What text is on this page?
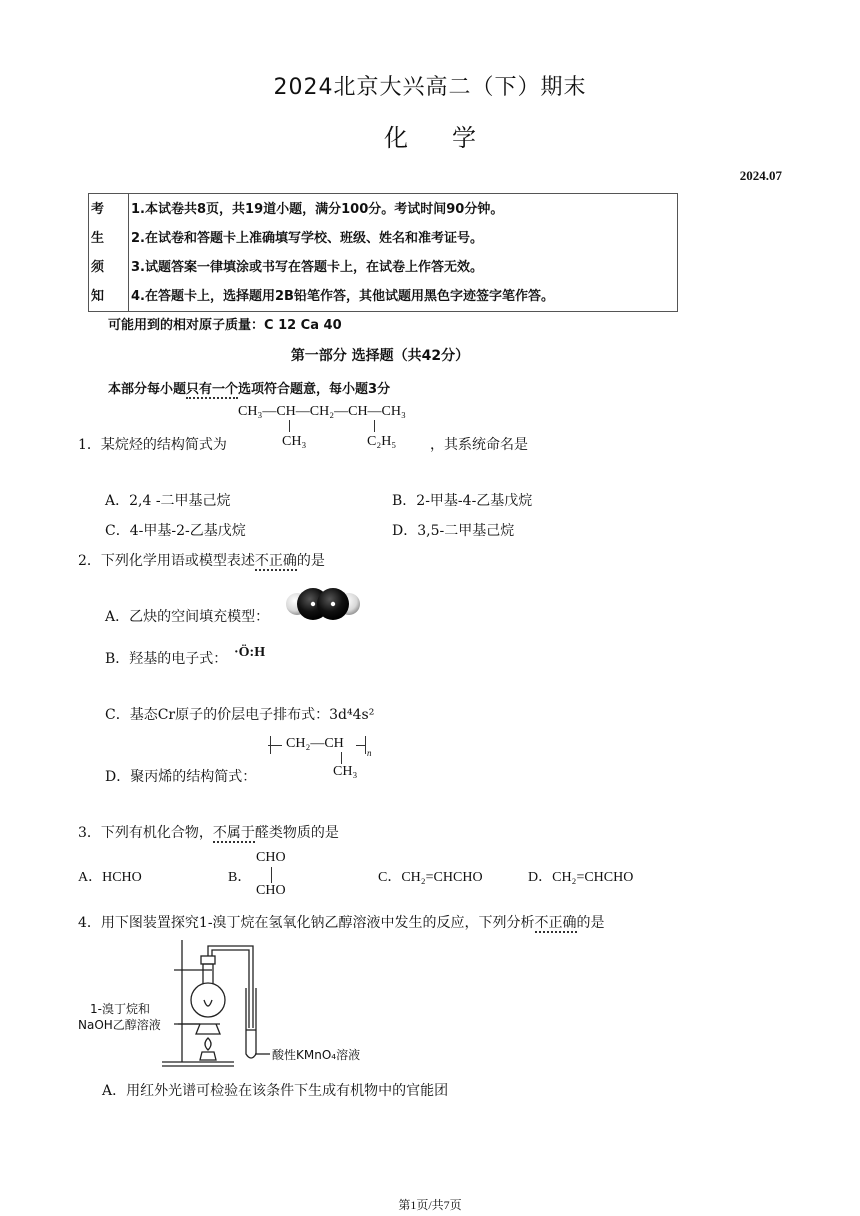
2024北京大兴高二（下）期末
化学
2024.07
考
生
须
知
1.本试卷共8页，共19道小题，满分100分。考试时间90分钟。
2.在试卷和答题卡上准确填写学校、班级、姓名和准考证号。
3.试题答案一律填涂或书写在答题卡上，在试卷上作答无效。
4.在答题卡上，选择题用2B铅笔作答，其他试题用黑色字迹签字笔作答。
可能用到的相对原子质量：C 12 Ca 40
第一部分 选择题（共42分）
本部分每小题只有一个选项符合题意，每小题3分
CH₃—CH—CH₂—CH—CH₃
CH₃	C₂H₅
1．某烷烃的结构简式为	，其系统命名是
A．2,4 -二甲基己烷	B．2-甲基-4-乙基戊烷
C．4-甲基-2-乙基戊烷	D．3,5-二甲基己烷
2．下列化学用语或模型表述不正确的是
A．乙炔的空间填充模型：
B．羟基的电子式： ·Ö:H
C．基态Cr原子的价层电子排布式：3d⁴4s²
CH₂—CH
n
CH₃
D．聚丙烯的结构简式：
3．下列有机化合物，不属于醛类物质的是
A．HCHO	B．
CHO
CHO
C．CH₂=CHCHO	D．CH₂=CHCHO
4．用下图装置探究1-溴丁烷在氢氧化钠乙醇溶液中发生的反应，下列分析不正确的是
1-溴丁烷和
NaOH乙醇溶液
酸性KMnO₄溶液
A．用红外光谱可检验在该条件下生成有机物中的官能团
第1页/共7页
